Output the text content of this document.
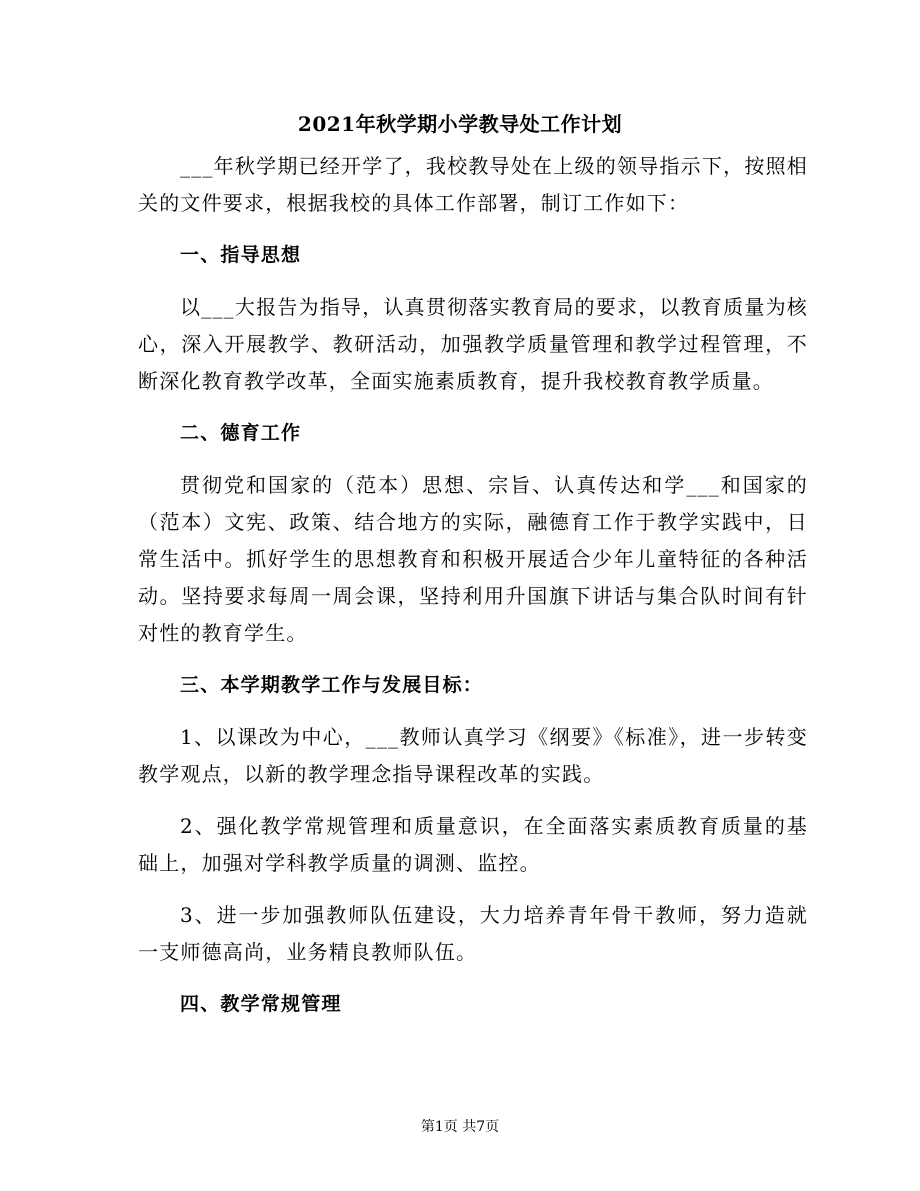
2021年秋学期小学教导处工作计划

___年秋学期已经开学了，我校教导处在上级的领导指示下，按照相关的文件要求，根据我校的具体工作部署，制订工作如下：

一、指导思想

以___大报告为指导，认真贯彻落实教育局的要求，以教育质量为核心，深入开展教学、教研活动，加强教学质量管理和教学过程管理，不断深化教育教学改革，全面实施素质教育，提升我校教育教学质量。

二、德育工作

贯彻党和国家的（范本）思想、宗旨、认真传达和学___和国家的（范本）文宪、政策、结合地方的实际，融德育工作于教学实践中，日常生活中。抓好学生的思想教育和积极开展适合少年儿童特征的各种活动。坚持要求每周一周会课，坚持利用升国旗下讲话与集合队时间有针对性的教育学生。

三、本学期教学工作与发展目标：

1、以课改为中心，___教师认真学习《纲要》《标准》，进一步转变教学观点，以新的教学理念指导课程改革的实践。

2、强化教学常规管理和质量意识，在全面落实素质教育质量的基础上，加强对学科教学质量的调测、监控。

3、进一步加强教师队伍建设，大力培养青年骨干教师，努力造就一支师德高尚，业务精良教师队伍。

四、教学常规管理

第1页 共7页
